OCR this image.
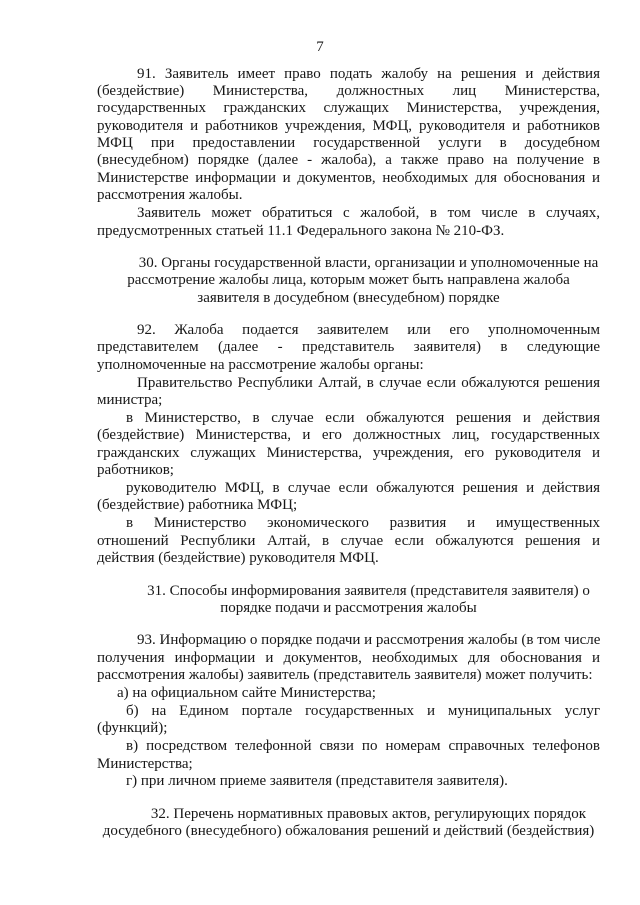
7
91. Заявитель имеет право подать жалобу на решения и действия
(бездействие) Министерства, должностных лиц Министерства,
государственных гражданских служащих Министерства, учреждения,
руководителя и работников учреждения, МФЦ, руководителя и работников
МФЦ при предоставлении государственной услуги в досудебном
(внесудебном) порядке (далее - жалоба), а также право на получение в
Министерстве информации и документов, необходимых для обоснования и
рассмотрения жалобы.
Заявитель может обратиться с жалобой, в том числе в случаях,
предусмотренных статьей 11.1 Федерального закона № 210-ФЗ.
30. Органы государственной власти, организации и уполномоченные на
рассмотрение жалобы лица, которым может быть направлена жалоба
заявителя в досудебном (внесудебном) порядке
92. Жалоба подается заявителем или его уполномоченным
представителем (далее - представитель заявителя) в следующие
уполномоченные на рассмотрение жалобы органы:
Правительство Республики Алтай, в случае если обжалуются решения
министра;
в Министерство, в случае если обжалуются решения и действия
(бездействие) Министерства, и его должностных лиц, государственных
гражданских служащих Министерства, учреждения, его руководителя и
работников;
руководителю МФЦ, в случае если обжалуются решения и действия
(бездействие) работника МФЦ;
в Министерство экономического развития и имущественных
отношений Республики Алтай, в случае если обжалуются решения и
действия (бездействие) руководителя МФЦ.
31. Способы информирования заявителя (представителя заявителя) о
порядке подачи и рассмотрения жалобы
93. Информацию о порядке подачи и рассмотрения жалобы (в том числе
получения информации и документов, необходимых для обоснования и
рассмотрения жалобы) заявитель (представитель заявителя) может получить:
а) на официальном сайте Министерства;
б) на Едином портале государственных и муниципальных услуг
(функций);
в) посредством телефонной связи по номерам справочных телефонов
Министерства;
г) при личном приеме заявителя (представителя заявителя).
32. Перечень нормативных правовых актов, регулирующих порядок
досудебного (внесудебного) обжалования решений и действий (бездействия)
